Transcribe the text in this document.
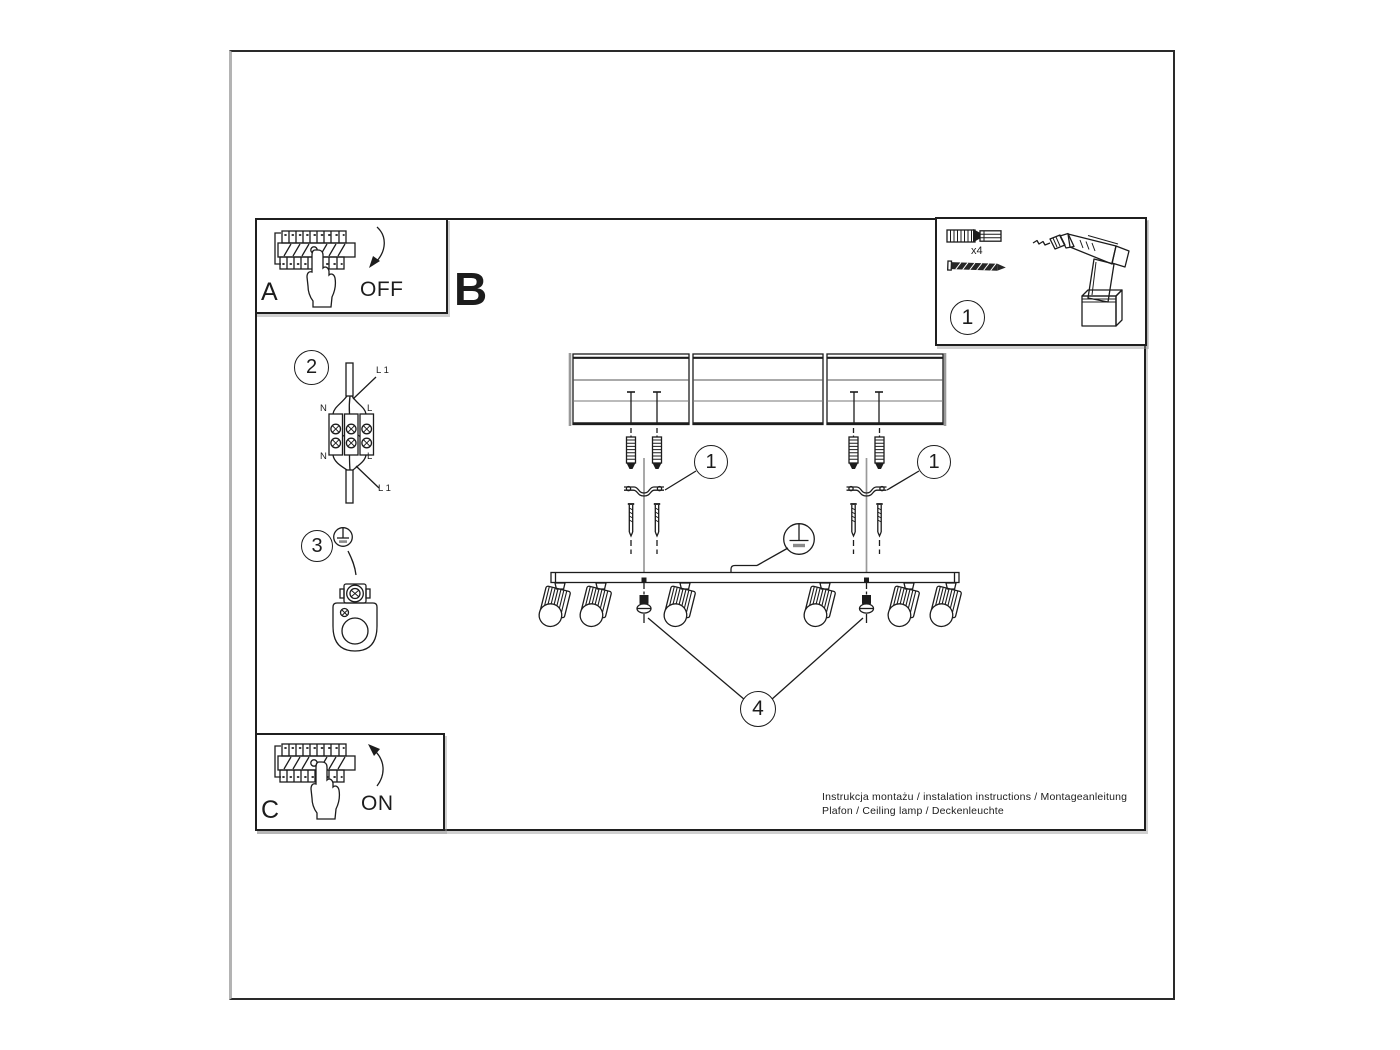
A	OFF B
C	ON
x4
L 1
N	L
N	L
L 1
2
3
1
1	1
4
Instrukcja montażu / instalation instructions / Montageanleitung
Plafon / Ceiling lamp / Deckenleuchte
